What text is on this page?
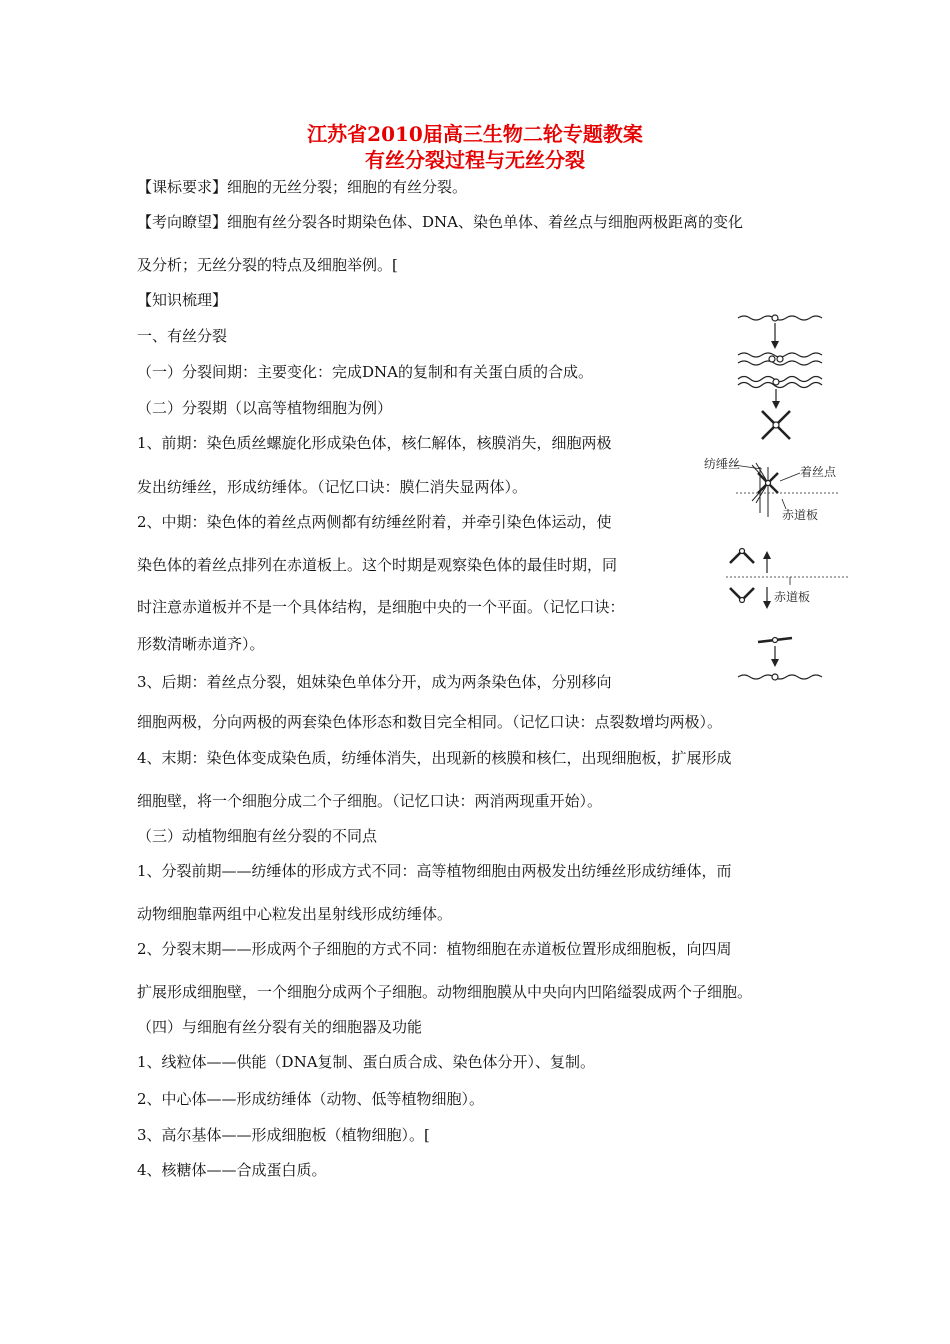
江苏省2010届高三生物二轮专题教案
有丝分裂过程与无丝分裂
【课标要求】细胞的无丝分裂；细胞的有丝分裂。
【考向瞭望】细胞有丝分裂各时期染色体、DNA、染色单体、着丝点与细胞两极距离的变化
及分析；无丝分裂的特点及细胞举例。[
【知识梳理】
一、有丝分裂
（一）分裂间期：主要变化：完成DNA的复制和有关蛋白质的合成。
（二）分裂期（以高等植物细胞为例）
1、前期：染色质丝螺旋化形成染色体，核仁解体，核膜消失，细胞两极
发出纺缍丝，形成纺缍体。（记忆口诀：膜仁消失显两体）。
2、中期：染色体的着丝点两侧都有纺缍丝附着，并牵引染色体运动，使
染色体的着丝点排列在赤道板上。这个时期是观察染色体的最佳时期，同
时注意赤道板并不是一个具体结构，是细胞中央的一个平面。（记忆口诀：
形数清晰赤道齐）。
3、后期：着丝点分裂，姐妹染色单体分开，成为两条染色体，分别移向
细胞两极，分向两极的两套染色体形态和数目完全相同。（记忆口诀：点裂数增均两极）。
4、末期：染色体变成染色质，纺缍体消失，出现新的核膜和核仁，出现细胞板，扩展形成
细胞壁，将一个细胞分成二个子细胞。（记忆口诀：两消两现重开始）。
（三）动植物细胞有丝分裂的不同点
1、分裂前期——纺缍体的形成方式不同：高等植物细胞由两极发出纺缍丝形成纺缍体，而
动物细胞靠两组中心粒发出星射线形成纺缍体。
2、分裂末期——形成两个子细胞的方式不同：植物细胞在赤道板位置形成细胞板，向四周
扩展形成细胞壁，一个细胞分成两个子细胞。动物细胞膜从中央向内凹陷缢裂成两个子细胞。
（四）与细胞有丝分裂有关的细胞器及功能
1、线粒体——供能（DNA复制、蛋白质合成、染色体分开）、复制。
2、中心体——形成纺缍体（动物、低等植物细胞）。
3、高尔基体——形成细胞板（植物细胞）。[
4、核糖体——合成蛋白质。
纺缍丝
着丝点
赤道板
赤道板
